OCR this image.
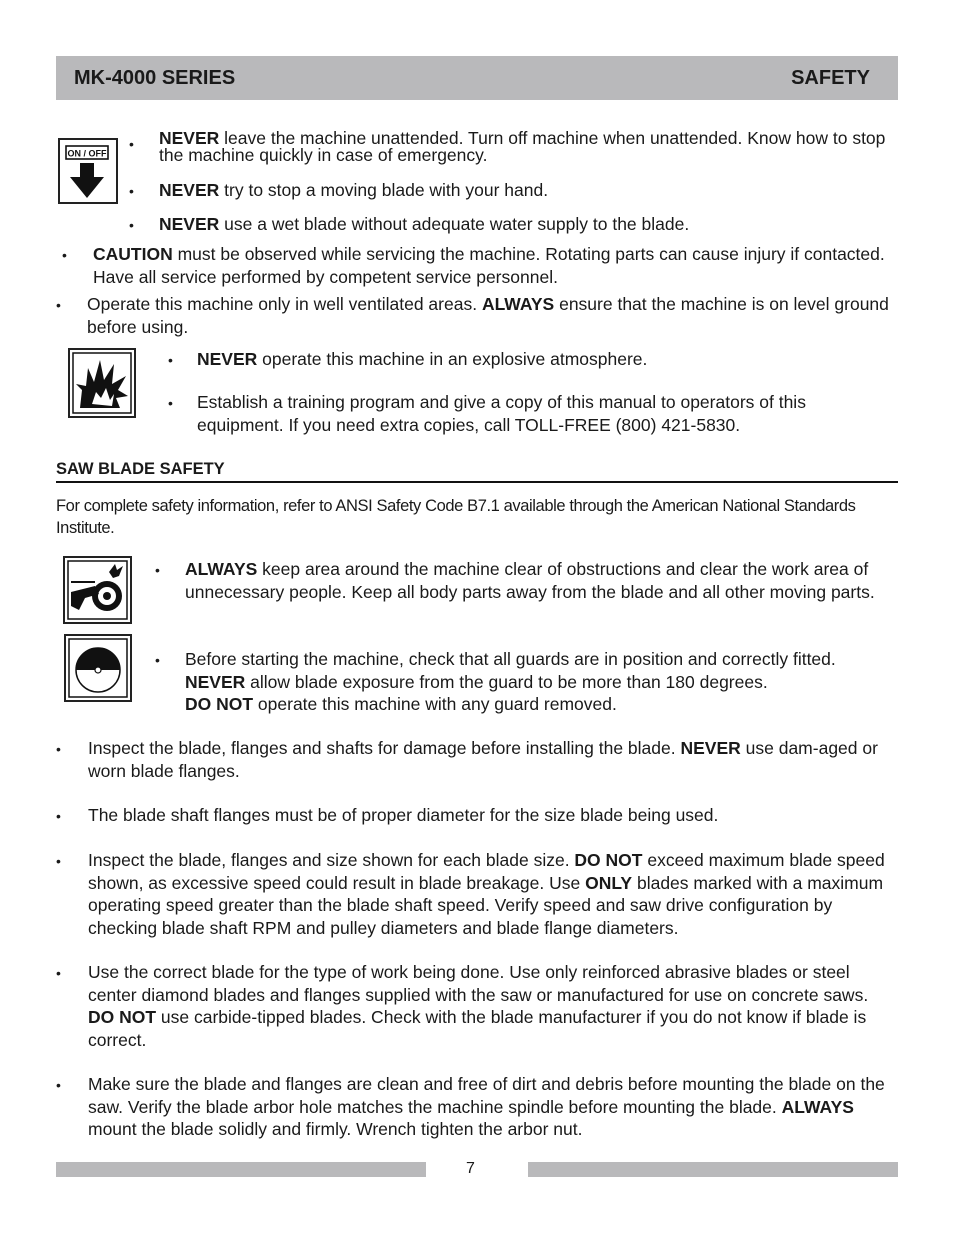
MK-4000 SERIES	SAFETY
ON / OFF
• NEVER leave the machine unattended. Turn off machine when unattended. Know how to stop the machine quickly in case of emergency.
• NEVER try to stop a moving blade with your hand.
• NEVER use a wet blade without adequate water supply to the blade.
• CAUTION must be observed while servicing the machine. Rotating parts can cause injury if contacted. Have all service performed by competent service personnel.
• Operate this machine only in well ventilated areas. ALWAYS ensure that the machine is on level ground before using.
• NEVER operate this machine in an explosive atmosphere.
• Establish a training program and give a copy of this manual to operators of this equipment. If you need extra copies, call TOLL-FREE (800) 421-5830.
SAW BLADE SAFETY
For complete safety information, refer to ANSI Safety Code B7.1 available through the American National Standards Institute.
• ALWAYS keep area around the machine clear of obstructions and clear the work area of unnecessary people. Keep all body parts away from the blade and all other moving parts.
• Before starting the machine, check that all guards are in position and correctly fitted. NEVER allow blade exposure from the guard to be more than 180 degrees.
DO NOT operate this machine with any guard removed.
• Inspect the blade, flanges and shafts for damage before installing the blade. NEVER use dam-aged or worn blade flanges.
• The blade shaft flanges must be of proper diameter for the size blade being used.
• Inspect the blade, flanges and size shown for each blade size. DO NOT exceed maximum blade speed shown, as excessive speed could result in blade breakage. Use ONLY blades marked with a maximum operating speed greater than the blade shaft speed. Verify speed and saw drive configuration by checking blade shaft RPM and pulley diameters and blade flange diameters.
• Use the correct blade for the type of work being done. Use only reinforced abrasive blades or steel center diamond blades and flanges supplied with the saw or manufactured for use on concrete saws. DO NOT use carbide-tipped blades. Check with the blade manufacturer if you do not know if blade is correct.
• Make sure the blade and flanges are clean and free of dirt and debris before mounting the blade on the saw. Verify the blade arbor hole matches the machine spindle before mounting the blade. ALWAYS mount the blade solidly and firmly. Wrench tighten the arbor nut.
7
